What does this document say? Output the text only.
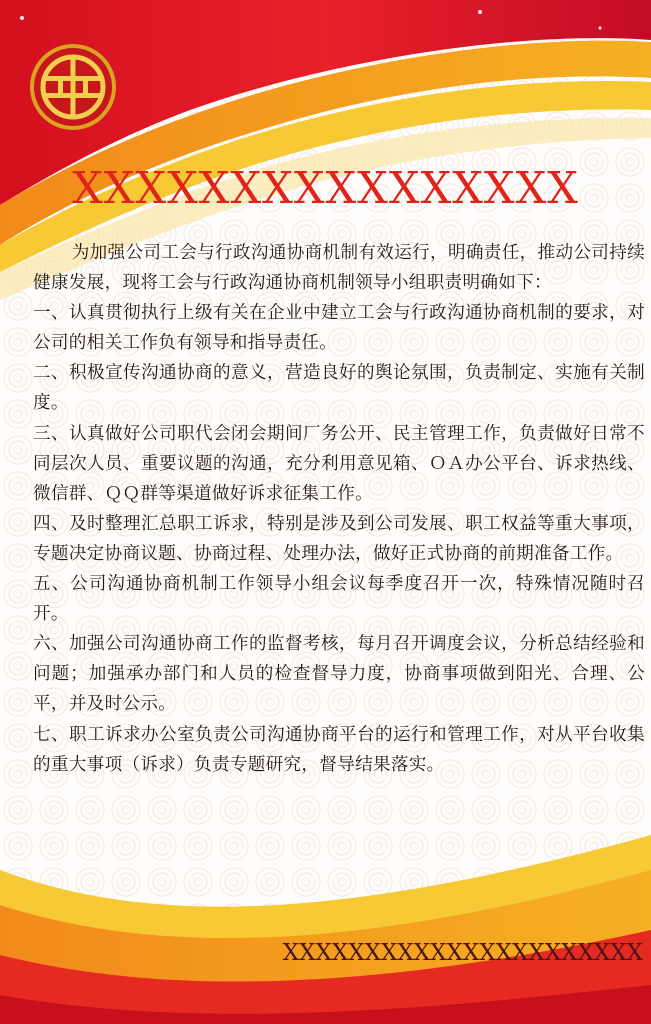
XXXXXXXXXXXXXXXX

为加强公司工会与行政沟通协商机制有效运行，明确责任，推动公司持续健康发展，现将工会与行政沟通协商机制领导小组职责明确如下：

一、认真贯彻执行上级有关在企业中建立工会与行政沟通协商机制的要求，对公司的相关工作负有领导和指导责任。

二、积极宣传沟通协商的意义，营造良好的舆论氛围，负责制定、实施有关制度。

三、认真做好公司职代会闭会期间厂务公开、民主管理工作，负责做好日常不同层次人员、重要议题的沟通，充分利用意见箱、ＯＡ办公平台、诉求热线、微信群、ＱＱ群等渠道做好诉求征集工作。

四、及时整理汇总职工诉求，特别是涉及到公司发展、职工权益等重大事项，专题决定协商议题、协商过程、处理办法，做好正式协商的前期准备工作。

五、公司沟通协商机制工作领导小组会议每季度召开一次，特殊情况随时召开。

六、加强公司沟通协商工作的监督考核，每月召开调度会议，分析总结经验和问题；加强承办部门和人员的检查督导力度，协商事项做到阳光、合理、公平，并及时公示。

七、职工诉求办公室负责公司沟通协商平台的运行和管理工作，对从平台收集的重大事项（诉求）负责专题研究，督导结果落实。

XXXXXXXXXXXXXXXXXXXXXX
